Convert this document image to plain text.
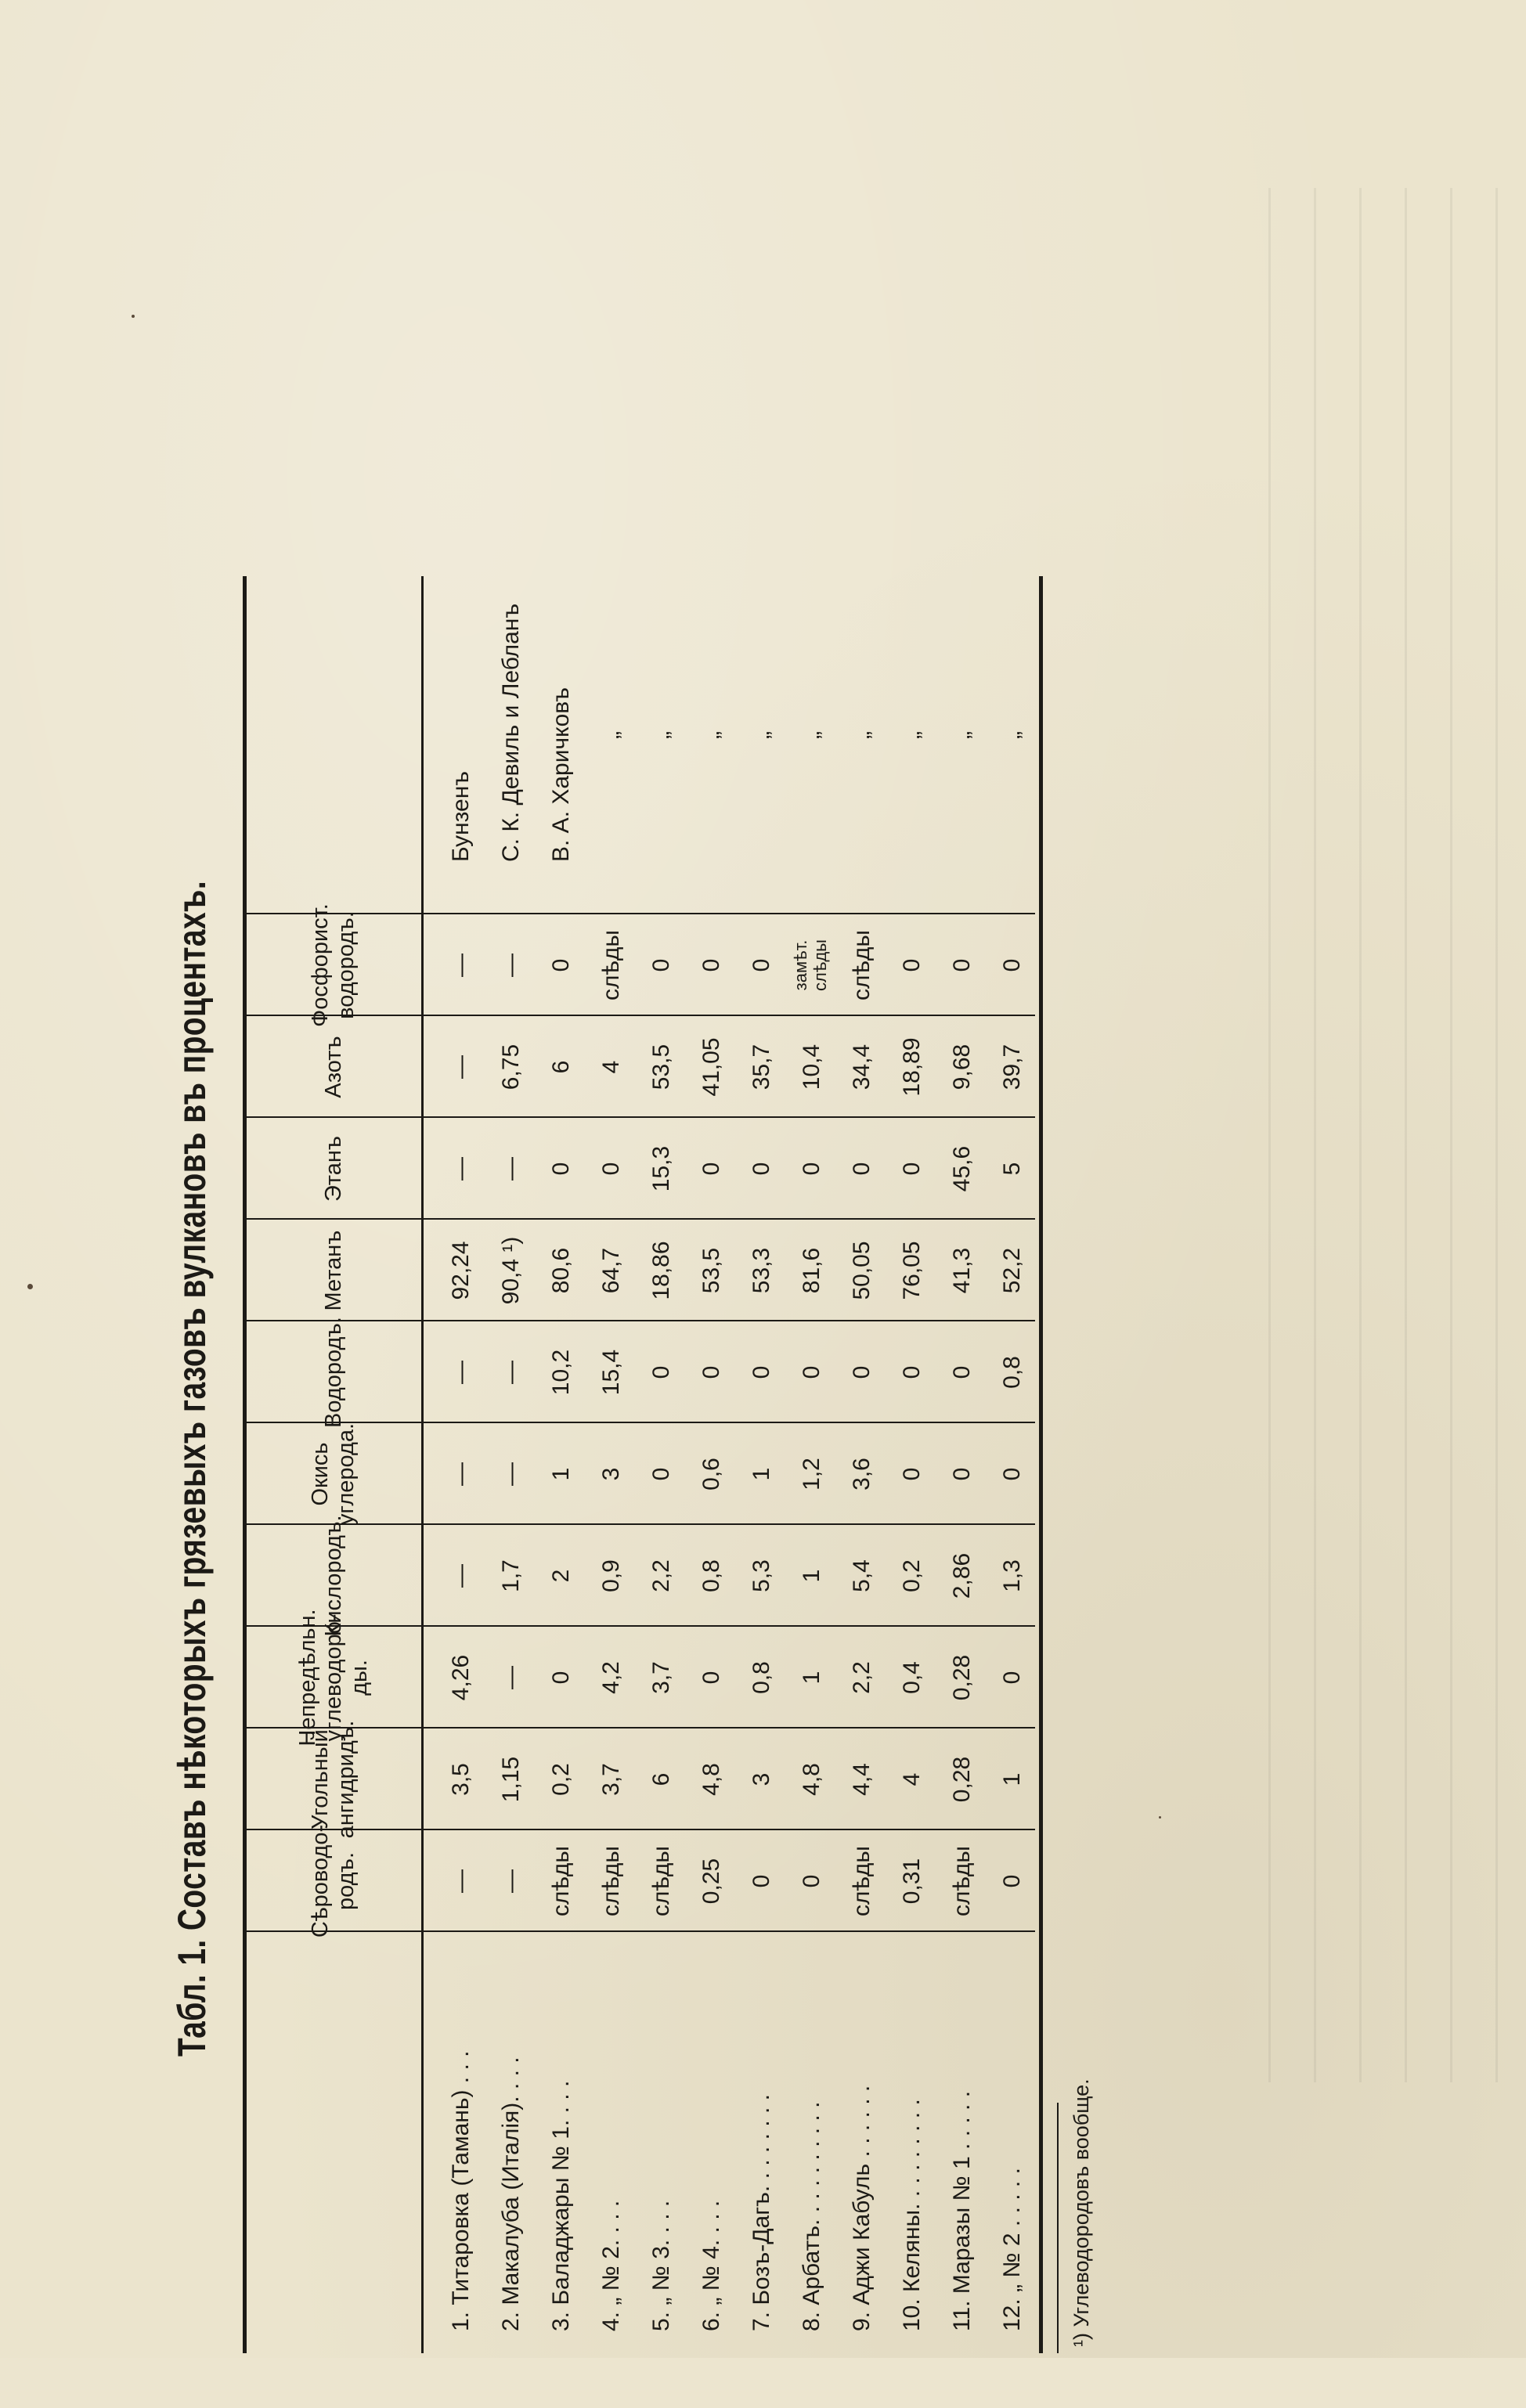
Табл. 1. Составъ нѣкоторыхъ грязевыхъ газовъ вулкановъ въ процентахъ.	Сѣроводо-
родъ.
Угольный
ангидридъ.
Непредѣльн.
углеводоро-
ды.
Кислородъ.
Окись
углерода.
Водородъ.
Метанъ
Этанъ
Азотъ
Фосфорист.
водородъ.
1. Титаровка (Тамань) . . .
—
3,5
4,26
—
—
—
92,24
—
—
—
Бунзенъ
2. Макалуба (Италія). . . .
—
1,15
—
1,7
—
—
90,4 ¹)
—
6,75
—
С. К. Девиль и Лебланъ
3. Баладжары № 1. . . .
слѣды
0,2
0
2
1
10,2
80,6
0
6
0
В. А. Харичковъ
4. „ № 2. . . .
слѣды
3,7
4,2
0,9
3
15,4
64,7
0
4
слѣды
„
5. „ № 3. . . .
слѣды
6
3,7
2,2
0
0
18,86
15,3
53,5
0
„
6. „ № 4. . . .
0,25
4,8
0
0,8
0,6
0
53,5
0
41,05
0
„
7. Бозъ-Дагъ. . . . . . . .
0
3
0,8
5,3
1
0
53,3
0
35,7
0
„
8. Арбатъ. . . . . . . . . .
0
4,8
1
1
1,2
0
81,6
0
10,4
замѣт.
слѣды
„
9. Аджи Кабуль . . . . . .
слѣды
4,4
2,2
5,4
3,6
0
50,05
0
34,4
слѣды
„
10. Келяны. . . . . . . . .
0,31
4
0,4
0,2
0
0
76,05
0
18,89
0
„
11. Маразы № 1 . . . . .
слѣды
0,28
0,28
2,86
0
0
41,3
45,6
9,68
0
„
12. „ № 2 . . . . .
0
1
0
1,3
0
0,8
52,2
5
39,7
0
„
¹) Углеводородовъ вообще.
